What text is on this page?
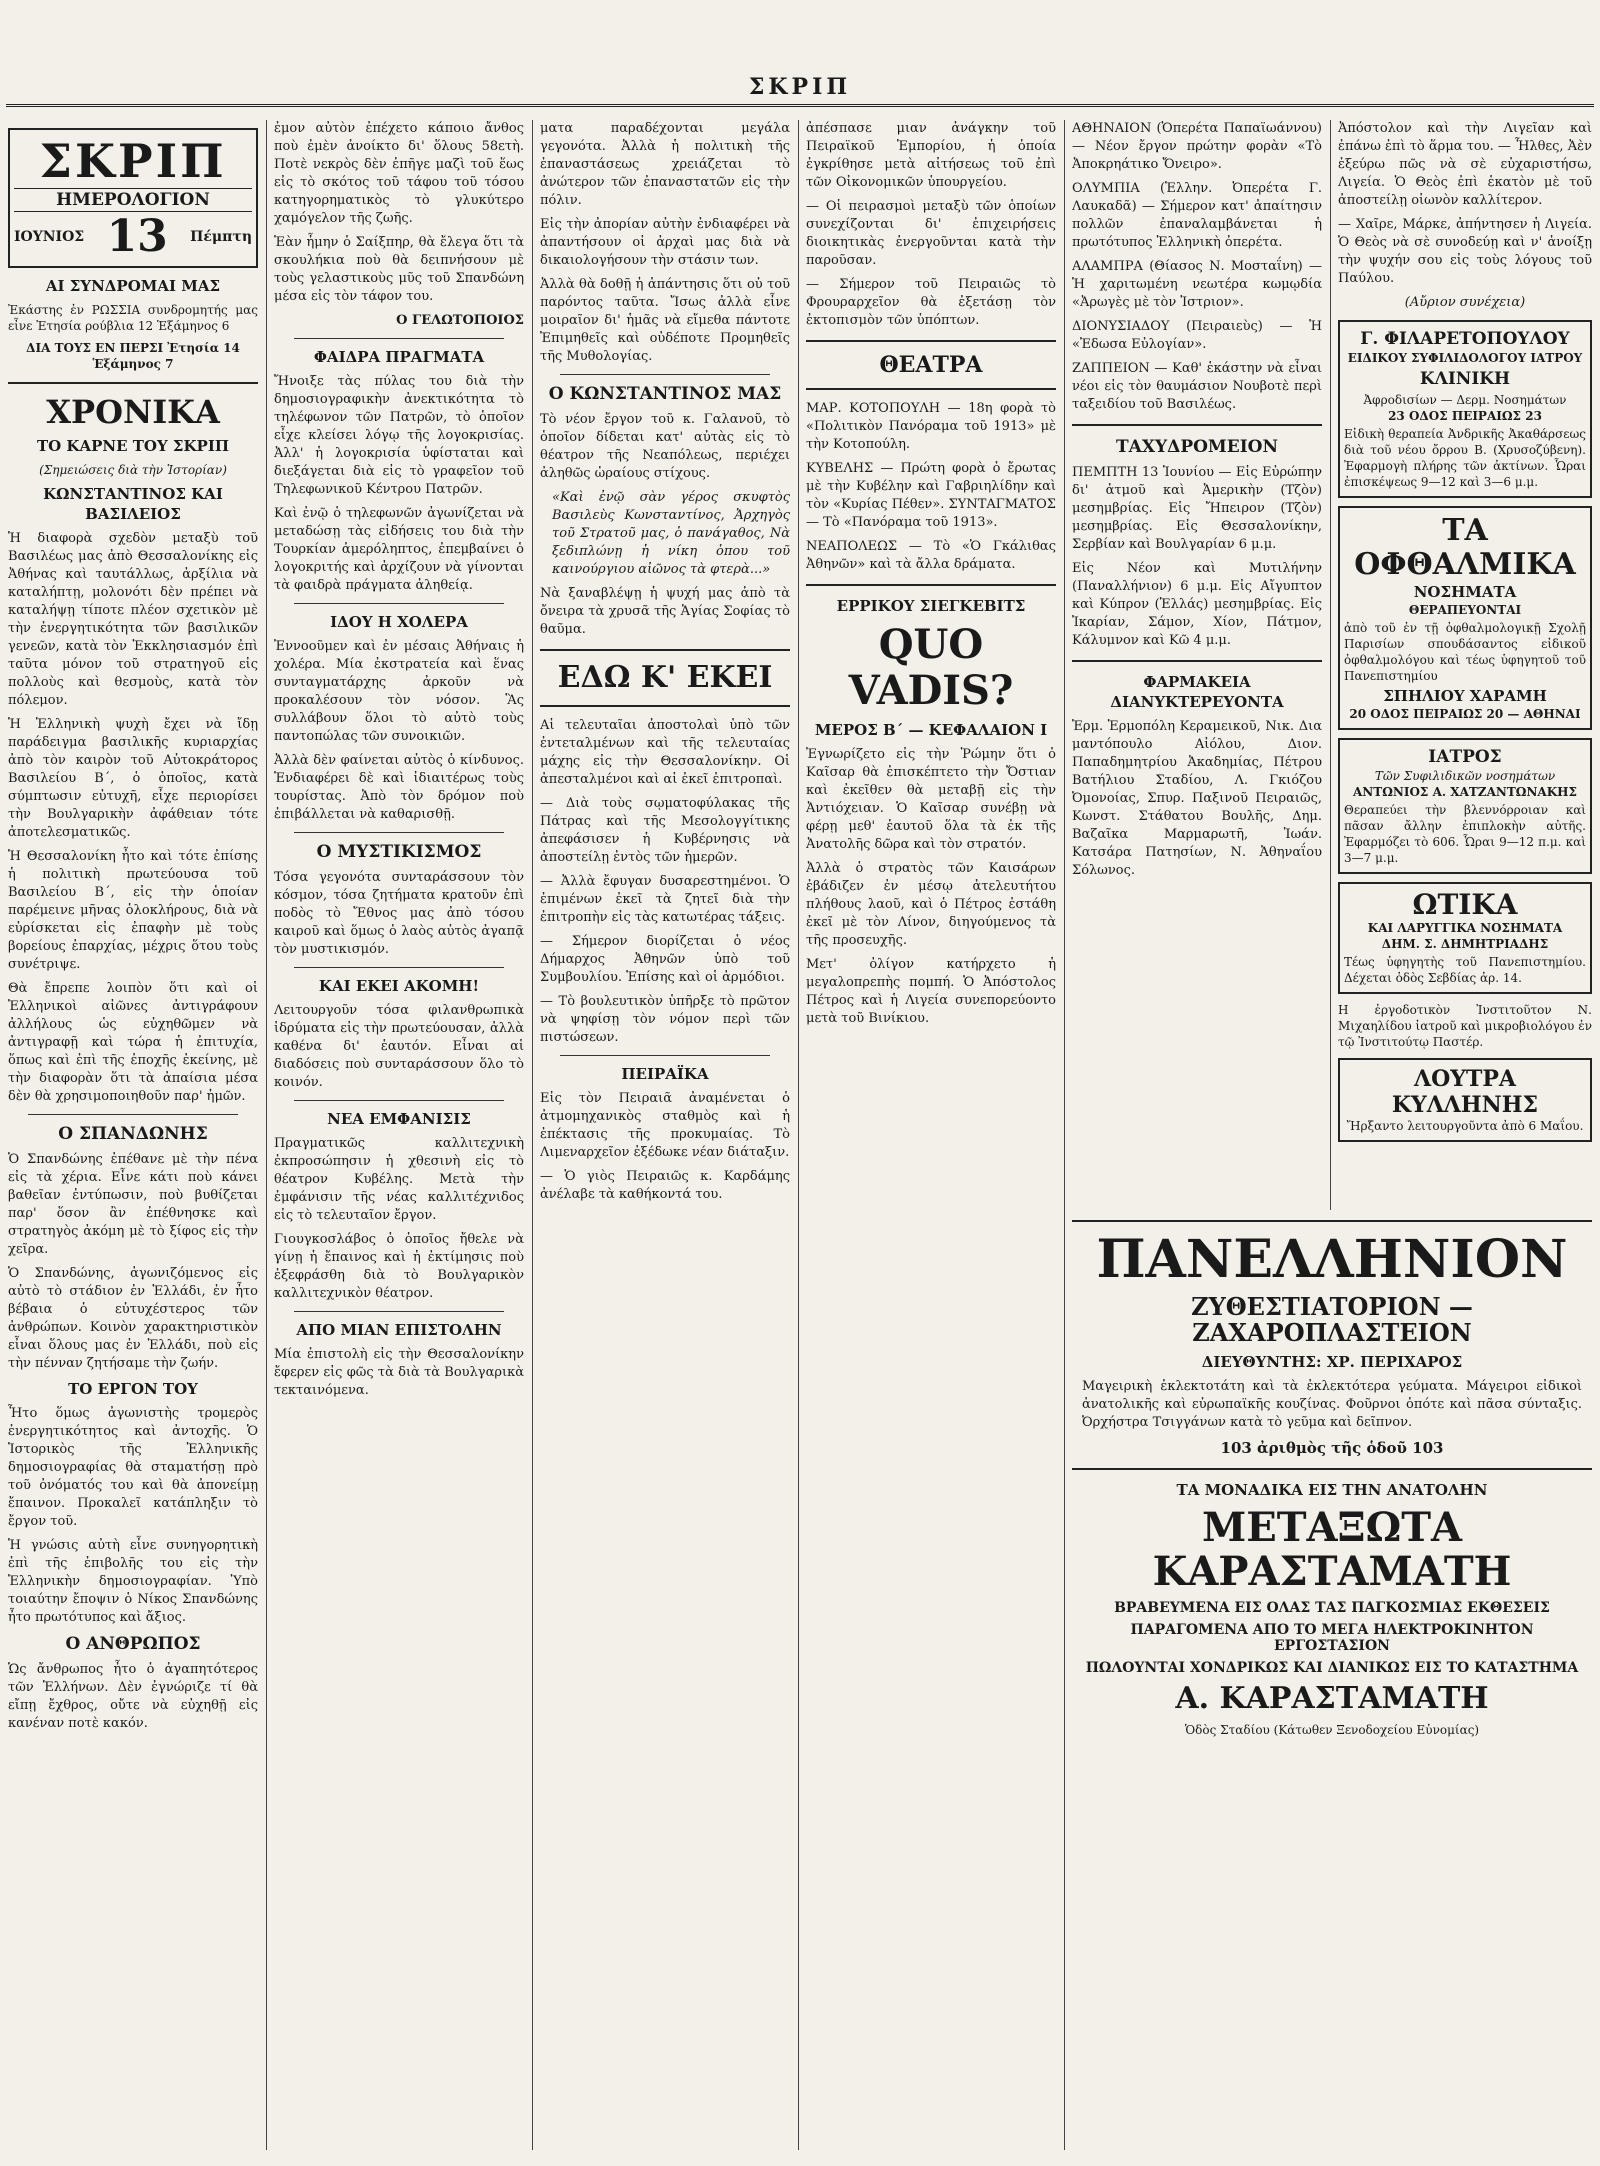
ΣΚΡΙΠ
ΣΚΡΙΠ
ΗΜΕΡΟΛΟΓΙΟΝ
ΙΟΥΝΙΟΣ 13 Πέμπτη
ΑΙ ΣΥΝΔΡΟΜΑΙ ΜΑΣ

Ἐκάστης ἐν ΡΩΣΣΙΑ συνδρομητής μας εἶνε Ἐτησία ρούβλια 12 Ἑξάμηνος 6

ΔΙΑ ΤΟΥΣ ΕΝ ΠΕΡΣΙ Ἐτησία 14 Ἑξάμηνος 7

ΧΡΟΝΙΚΑ
ΤΟ ΚΑΡΝΕ ΤΟΥ ΣΚΡΙΠ
(Σημειώσεις διὰ τὴν Ἱστορίαν)
ΚΩΝΣΤΑΝΤΙΝΟΣ ΚΑΙ ΒΑΣΙΛΕΙΟΣ

Ἡ διαφορὰ σχεδὸν μεταξὺ τοῦ Βασιλέως μας ἀπὸ Θεσσαλονίκης εἰς Ἀθήνας καὶ ταυτάλλως, ἀρξίλια νὰ καταλήπτῃ, μολονότι δὲν πρέπει νὰ καταλήψῃ τίποτε πλέον σχετικὸν μὲ τὴν ἐνεργητικότητα τῶν βασιλικῶν γενεῶν, κατὰ τὸν Ἐκκλησιασμόν ἐπὶ ταῦτα μόνον τοῦ στρατηγοῦ εἰς πολλοὺς καὶ θεσμοὺς, κατὰ τὸν πόλεμον.

Ἡ Ἑλληνικὴ ψυχὴ ἔχει νὰ ἴδῃ παράδειγμα βασιλικῆς κυριαρχίας ἀπὸ τὸν καιρὸν τοῦ Αὐτοκράτορος Βασιλείου Β΄, ὁ ὁποῖος, κατὰ σύμπτωσιν εὐτυχῆ, εἶχε περιορίσει τὴν Βουλγαρικὴν ἀφάθειαν τότε ἀποτελεσματικῶς.

Ἡ Θεσσαλονίκη ἦτο καὶ τότε ἐπίσης ἡ πολιτικὴ πρωτεύουσα τοῦ Βασιλείου Β΄, εἰς τὴν ὁποίαν παρέμεινε μῆνας ὁλοκλήρους, διὰ νὰ εὑρίσκεται εἰς ἐπαφὴν μὲ τοὺς βορείους ἐπαρχίας, μέχρις ὅτου τοὺς συνέτριψε.

Θὰ ἔπρεπε λοιπὸν ὅτι καὶ οἱ Ἑλληνικοὶ αἰῶνες ἀντιγράφουν ἀλλήλους ὡς εὐχηθῶμεν νὰ ἀντιγραφῇ καὶ τώρα ἡ ἐπιτυχία, ὅπως καὶ ἐπὶ τῆς ἐποχῆς ἐκείνης, μὲ τὴν διαφορὰν ὅτι τὰ ἀπαίσια μέσα δὲν θὰ χρησιμοποιηθοῦν παρ' ἡμῶν.

Ο ΣΠΑΝΔΩΝΗΣ

Ὁ Σπανδώνης ἐπέθανε μὲ τὴν πένα εἰς τὰ χέρια. Εἶνε κάτι ποὺ κάνει βαθεῖαν ἐντύπωσιν, ποὺ βυθίζεται παρ' ὅσον ἂν ἐπέθνησκε καὶ στρατηγὸς ἀκόμη μὲ τὸ ξίφος εἰς τὴν χεῖρα.

Ὁ Σπανδώνης, ἀγωνιζόμενος εἰς αὐτὸ τὸ στάδιον ἐν Ἑλλάδι, ἐν ἦτο βέβαια ὁ εὐτυχέστερος τῶν ἀνθρώπων. Κοινὸν χαρακτηριστικὸν εἶναι ὅλους μας ἐν Ἑλλάδι, ποὺ εἰς τὴν πένναν ζητήσαμε τὴν ζωήν.

ΤΟ ΕΡΓΟΝ ΤΟΥ

Ἦτο ὅμως ἀγωνιστὴς τρομερὸς ἐνεργητικότητος καὶ ἀντοχῆς. Ὁ Ἱστορικὸς τῆς Ἑλληνικῆς δημοσιογραφίας θὰ σταματήσῃ πρὸ τοῦ ὀνόματός του καὶ θὰ ἀπονείμῃ ἔπαινον. Προκαλεῖ κατάπληξιν τὸ ἔργον τοῦ.

Ἡ γνώσις αὐτὴ εἶνε συνηγορητικὴ ἐπὶ τῆς ἐπιβολῆς του εἰς τὴν Ἑλληνικὴν δημοσιογραφίαν. Ὑπὸ τοιαύτην ἔποψιν ὁ Νίκος Σπανδώνης ἦτο πρωτότυπος καὶ ἄξιος.

Ο ΑΝΘΡΩΠΟΣ

Ὡς ἄνθρωπος ἦτο ὁ ἀγαπητότερος τῶν Ἑλλήνων. Δὲν ἐγνώριζε τί θὰ εἴπῃ ἔχθρος, οὔτε νὰ εὐχηθῇ εἰς κανέναν ποτὲ κακόν.

ἐμον αὐτὸν ἐπέχετο κάποιο ἄνθος ποὺ ἐμὲν ἀνοίκτο δι' ὅλους 58ετὴ. Ποτὲ νεκρὸς δὲν ἐπῆγε μαζὶ τοῦ ἕως εἰς τὸ σκότος τοῦ τάφου τοῦ τόσου κατηγορηματικὸς τὸ γλυκύτερο χαμόγελον τῆς ζωῆς.

Ἐὰν ἦμην ὁ Σαίξπηρ, θὰ ἔλεγα ὅτι τὰ σκουλήκια ποὺ θὰ δειπνήσουν μὲ τοὺς γελαστικοὺς μῦς τοῦ Σπανδώνη μέσα εἰς τὸν τάφον του.

Ο ΓΕΛΩΤΟΠΟΙΟΣ

ΦΑΙΔΡΑ ΠΡΑΓΜΑΤΑ

Ἤνοιξε τὰς πύλας του διὰ τὴν δημοσιογραφικὴν ἀνεκτικότητα τὸ τηλέφωνον τῶν Πατρῶν, τὸ ὁποῖον εἶχε κλείσει λόγῳ τῆς λογοκρισίας. Ἀλλ' ἡ λογοκρισία ὑφίσταται καὶ διεξάγεται διὰ εἰς τὸ γραφεῖον τοῦ Τηλεφωνικοῦ Κέντρου Πατρῶν.

Καὶ ἐνῷ ὁ τηλεφωνῶν ἀγωνίζεται νὰ μεταδώσῃ τὰς εἰδήσεις του διὰ τὴν Τουρκίαν ἀμερόληπτος, ἐπεμβαίνει ὁ λογοκριτής καὶ ἀρχίζουν νὰ γίνονται τὰ φαιδρὰ πράγματα ἀληθείᾳ.

ΙΔΟΥ Η ΧΟΛΕΡΑ

Ἐννοοῦμεν καὶ ἐν μέσαις Ἀθήναις ἡ χολέρα. Μία ἐκστρατεία καὶ ἕνας συνταγματάρχης ἀρκοῦν νὰ προκαλέσουν τὸν νόσον. Ἃς συλλάβουν ὅλοι τὸ αὐτὸ τοὺς παντοπώλας τῶν συνοικιῶν.

Ἀλλὰ δὲν φαίνεται αὐτὸς ὁ κίνδυνος. Ἐνδιαφέρει δὲ καὶ ἰδιαιτέρως τοὺς τουρίστας. Ἀπὸ τὸν δρόμον ποὺ ἐπιβάλλεται νὰ καθαρισθῇ.

Ο ΜΥΣΤΙΚΙΣΜΟΣ

Τόσα γεγονότα συνταράσσουν τὸν κόσμον, τόσα ζητήματα κρατοῦν ἐπὶ ποδὸς τὸ Ἔθνος μας ἀπὸ τόσου καιροῦ καὶ ὅμως ὁ λαὸς αὐτὸς ἀγαπᾷ τὸν μυστικισμόν.

ΚΑΙ ΕΚΕΙ ΑΚΟΜΗ!

Λειτουργοῦν τόσα φιλανθρωπικὰ ἱδρύματα εἰς τὴν πρωτεύουσαν, ἀλλὰ καθένα δι' ἑαυτόν. Εἶναι αἱ διαδόσεις ποὺ συνταράσσουν ὅλο τὸ κοινόν.

ΝΕΑ ΕΜΦΑΝΙΣΙΣ

Πραγματικῶς καλλιτεχνικὴ ἐκπροσώπησιν ἡ χθεσινὴ εἰς τὸ θέατρον Κυβέλης. Μετὰ τὴν ἐμφάνισιν τῆς νέας καλλιτέχνιδος εἰς τὸ τελευταῖον ἔργον.

Γιουγκοσλάβος ὁ ὁποῖος ἤθελε νὰ γίνῃ ἡ ἔπαινος καὶ ἡ ἐκτίμησις ποὺ ἐξεφράσθη διὰ τὸ Βουλγαρικὸν καλλιτεχνικὸν θέατρον.

ΑΠΟ ΜΙΑΝ ΕΠΙΣΤΟΛΗΝ

Μία ἐπιστολὴ εἰς τὴν Θεσσαλονίκην ἔφερεν εἰς φῶς τὰ διὰ τὰ Βουλγαρικὰ τεκταινόμενα.

ματα παραδέχονται μεγάλα γεγονότα. Ἀλλὰ ἡ πολιτικὴ τῆς ἐπαναστάσεως χρειάζεται τὸ ἀνώτερον τῶν ἐπαναστατῶν εἰς τὴν πόλιν.

Εἰς τὴν ἀπορίαν αὐτὴν ἐνδιαφέρει νὰ ἀπαντήσουν οἱ ἀρχαὶ μας διὰ νὰ δικαιολογήσουν τὴν στάσιν των.

Ἀλλὰ θὰ δοθῇ ἡ ἀπάντησις ὅτι οὐ τοῦ παρόντος ταῦτα. Ἴσως ἀλλὰ εἶνε μοιραῖον δι' ἡμᾶς νὰ εἴμεθα πάντοτε Ἐπιμηθεῖς καὶ οὐδέποτε Προμηθεῖς τῆς Μυθολογίας.

Ο ΚΩΝΣΤΑΝΤΙΝΟΣ ΜΑΣ

Τὸ νέον ἔργον τοῦ κ. Γαλανοῦ, τὸ ὁποῖον δίδεται κατ' αὐτὰς εἰς τὸ θέατρον τῆς Νεαπόλεως, περιέχει ἀληθῶς ὡραίους στίχους.

«Καὶ ἐνῷ σὰν γέρος σκυφτὸς Βασιλεὺς Κωνσταντίνος, Ἀρχηγὸς τοῦ Στρατοῦ μας, ὁ πανάγαθος, Νὰ ξεδιπλώνῃ ἡ νίκη ὁπου τοῦ καινούργιου αἰῶνος τὰ φτερὰ...»

Νὰ ξαναβλέψῃ ἡ ψυχή μας ἀπὸ τὰ ὄνειρα τὰ χρυσᾶ τῆς Ἁγίας Σοφίας τὸ θαῦμα.

ΕΔΩ Κ' ΕΚΕΙ

Αἱ τελευταῖαι ἀποστολαὶ ὑπὸ τῶν ἐντεταλμένων καὶ τῆς τελευταίας μάχης εἰς τὴν Θεσσαλονίκην. Οἱ ἀπεσταλμένοι καὶ αἱ ἐκεῖ ἐπιτροπαὶ.

— Διὰ τοὺς σῳματοφύλακας τῆς Πάτρας καὶ τῆς Μεσολογγίτικης ἀπεφάσισεν ἡ Κυβέρνησις νὰ ἀποστείλῃ ἐντὸς τῶν ἡμερῶν.

— Ἀλλὰ ἔφυγαν δυσαρεστημένοι. Ὁ ἐπιμένων ἐκεῖ τὰ ζητεῖ διὰ τὴν ἐπιτροπὴν εἰς τὰς κατωτέρας τάξεις.

— Σήμερον διορίζεται ὁ νέος Δήμαρχος Ἀθηνῶν ὑπὸ τοῦ Συμβουλίου. Ἐπίσης καὶ οἱ ἀρμόδιοι.

— Τὸ βουλευτικὸν ὑπῆρξε τὸ πρῶτον νὰ ψηφίσῃ τὸν νόμον περὶ τῶν πιστώσεων.

ΠΕΙΡΑΪΚΑ

Εἰς τὸν Πειραιᾶ ἀναμένεται ὁ ἀτμομηχανικὸς σταθμὸς καὶ ἡ ἐπέκτασις τῆς προκυμαίας. Τὸ Λιμεναρχεῖον ἐξέδωκε νέαν διάταξιν.

— Ὁ γιὸς Πειραιῶς κ. Καρδάμης ἀνέλαβε τὰ καθήκοντά του.

ἀπέσπασε μιαν ἀνάγκην τοῦ Πειραϊκοῦ Ἐμπορίου, ἡ ὁποία ἐγκρίθησε μετὰ αἰτήσεως τοῦ ἐπὶ τῶν Οἰκονομικῶν ὑπουργείου.

— Οἱ πειρασμοὶ μεταξὺ τῶν ὁποίων συνεχίζονται δι' ἐπιχειρήσεις διοικητικὰς ἐνεργοῦνται κατὰ τὴν παροῦσαν.

— Σήμερον τοῦ Πειραιῶς τὸ Φρουραρχεῖον θὰ ἐξετάσῃ τὸν ἐκτοπισμὸν τῶν ὑπόπτων.

ΘΕΑΤΡΑ

ΜΑΡ. ΚΟΤΟΠΟΥΛΗ — 18η φορὰ τὸ «Πολιτικὸν Πανόραμα τοῦ 1913» μὲ τὴν Κοτοπούλη.

ΚΥΒΕΛΗΣ — Πρώτη φορὰ ὁ ἔρωτας μὲ τὴν Κυβέλην καὶ Γαβριηλίδην καὶ τὸν «Κυρίας Πέθεν». ΣΥΝΤΑΓΜΑΤΟΣ — Τὸ «Πανόραμα τοῦ 1913».

ΝΕΑΠΟΛΕΩΣ — Τὸ «Ὁ Γκάλιθας Ἀθηνῶν» καὶ τὰ ἄλλα δράματα.

ΕΡΡΙΚΟΥ ΣΙΕΓΚΕΒΙΤΣ
QUO VADIS?
ΜΕΡΟΣ Β΄ — ΚΕΦΑΛΑΙΟΝ Ι

Ἐγνωρίζετο εἰς τὴν Ῥώμην ὅτι ὁ Καῖσαρ θὰ ἐπισκέπτετο τὴν Ὄστιαν καὶ ἐκεῖθεν θὰ μεταβῇ εἰς τὴν Ἀντιόχειαν. Ὁ Καῖσαρ συνέβῃ νὰ φέρῃ μεθ' ἑαυτοῦ ὅλα τὰ ἐκ τῆς Ἀνατολῆς δῶρα καὶ τὸν στρατόν.

Ἀλλὰ ὁ στρατὸς τῶν Καισάρων ἐβάδιζεν ἐν μέσῳ ἀτελευτήτου πλήθους λαοῦ, καὶ ὁ Πέτρος ἐστάθη ἐκεῖ μὲ τὸν Λίνον, διηγούμενος τὰ τῆς προσευχῆς.

Μετ' ὀλίγον κατήρχετο ἡ μεγαλοπρεπὴς πομπή. Ὁ Ἀπόστολος Πέτρος καὶ ἡ Λιγεία συνεπορεύοντο μετὰ τοῦ Βινίκιου.

ΑΘΗΝΑΙΟΝ (Ὁπερέτα Παπαϊωάννου) — Νέον ἔργον πρώτην φορὰν «Τὸ Ἀποκρηάτικο Ὄνειρο».

ΟΛΥΜΠΙΑ (Ἑλλην. Ὀπερέτα Γ. Λαυκαδᾶ) — Σήμερον κατ' ἀπαίτησιν πολλῶν ἐπαναλαμβάνεται ἡ πρωτότυπος Ἑλληνικὴ ὀπερέτα.

ΑΛΑΜΠΡΑ (Θίασος Ν. Μοσταΐνη) — Ἡ χαριτωμένη νεωτέρα κωμῳδία «Ἀρωγὲς μὲ τὸν Ἰστριον».

ΔΙΟΝΥΣΙΑΔΟΥ (Πειραιεὺς) — Ἡ «Ἐδωσα Εὐλογίαν».

ΖΑΠΠΕΙΟΝ — Καθ' ἑκάστην νὰ εἶναι νέοι εἰς τὸν θαυμάσιον Νουβοτὲ περὶ ταξειδίου τοῦ Βασιλέως.

ΤΑΧΥΔΡΟΜΕΙΟΝ

ΠΕΜΠΤΗ 13 Ἰουνίου — Εἰς Εὐρώπην δι' ἀτμοῦ καὶ Ἀμερικὴν (Τζὸν) μεσημβρίας. Εἰς Ἤπειρον (Τζὸν) μεσημβρίας. Εἰς Θεσσαλονίκην, Σερβίαν καὶ Βουλγαρίαν 6 μ.μ.

Εἰς Νέον καὶ Μυτιλήνην (Παναλλήνιον) 6 μ.μ. Εἰς Αἴγυπτον καὶ Κύπρον (Ἑλλάς) μεσημβρίας. Εἰς Ἰκαρίαν, Σάμον, Χίον, Πάτμον, Κάλυμνον καὶ Κῶ 4 μ.μ.

ΦΑΡΜΑΚΕΙΑ ΔΙΑΝΥΚΤΕΡΕΥΟΝΤΑ

Ἑρμ. Ἑρμοπόλη Κεραμεικοῦ, Νικ. Δια μαντόπουλο Αἰόλου, Διον. Παπαδημητρίου Ἀκαδημίας, Πέτρου Βατήλιου Σταδίου, Λ. Γκιόζου Ὀμονοίας, Σπυρ. Παξινοῦ Πειραιῶς, Κωνστ. Στάθατου Βουλῆς, Δημ. Βαζαῖκα Μαρμαρωτῆ, Ἰωάν. Κατσάρα Πατησίων, Ν. Ἀθηναΐου Σόλωνος.

Ἀπόστολον καὶ τὴν Λιγεῖαν καὶ ἐπάνω ἐπὶ τὸ ἅρμα του. — Ἦλθες, Ἀὲν ἐξεύρω πῶς νὰ σὲ εὐχαριστήσω, Λιγεία. Ὁ Θεὸς ἐπὶ ἑκατὸν μὲ τοῦ ἀποστείλῃ οἰωνὸν καλλίτερον.

— Χαῖρε, Μάρκε, ἀπήντησεν ἡ Λιγεία. Ὁ Θεὸς νὰ σὲ συνοδεύῃ καὶ ν' ἀνοίξῃ τὴν ψυχήν σου εἰς τοὺς λόγους τοῦ Παύλου.

(Αὔριον συνέχεια)

Γ. ΦΙΛΑΡΕΤΟΠΟΥΛΟΥ
ΕΙΔΙΚΟΥ ΣΥΦΙΛΙΔΟΛΟΓΟΥ ΙΑΤΡΟΥ
ΚΛΙΝΙΚΗ
Ἀφροδισίων — Δερμ. Νοσημάτων
23 ΟΔΟΣ ΠΕΙΡΑΙΩΣ 23

Εἰδικὴ θεραπεία Ἀνδρικῆς Ἀκαθάρσεως διὰ τοῦ νέου ὄρρου Β. (Χρυσοζύβενη). Ἐφαρμογὴ πλήρης τῶν ἀκτίνων. Ὧραι ἐπισκέψεως 9—12 καὶ 3—6 μ.μ.

ΤΑ ΟΦΘΑΛΜΙΚΑ
ΝΟΣΗΜΑΤΑ
ΘΕΡΑΠΕΥΟΝΤΑΙ

ἀπὸ τοῦ ἐν τῇ ὀφθαλμολογικῇ Σχολῇ Παρισίων σπουδάσαντος εἰδικοῦ ὀφθαλμολόγου καὶ τέως ὑφηγητοῦ τοῦ Πανεπιστημίου

ΣΠΗΛΙΟΥ ΧΑΡΑΜΗ
20 ΟΔΟΣ ΠΕΙΡΑΙΩΣ 20 — ΑΘΗΝΑΙ
ΙΑΤΡΟΣ
Τῶν Συφιλιδικῶν νοσημάτων
ΑΝΤΩΝΙΟΣ Α. ΧΑΤΖΑΝΤΩΝΑΚΗΣ

Θεραπεύει τὴν βλεννόρροιαν καὶ πᾶσαν ἄλλην ἐπιπλοκὴν αὐτῆς. Ἐφαρμόζει τὸ 606. Ὧραι 9—12 π.μ. καὶ 3—7 μ.μ.

ΩΤΙΚΑ
ΚΑΙ ΛΑΡΥΓΓΙΚΑ ΝΟΣΗΜΑΤΑ
ΔΗΜ. Σ. ΔΗΜΗΤΡΙΑΔΗΣ

Τέως ὑφηγητὴς τοῦ Πανεπιστημίου. Δέχεται ὁδὸς Σεβδίας ἀρ. 14.

Η ἐργοδοτικὸν Ἰνστιτοῦτον Ν. Μιχαηλίδου ἰατροῦ καὶ μικροβιολόγου ἐν τῷ Ἰνστιτούτῳ Παστέρ.

ΛΟΥΤΡΑ ΚΥΛΛΗΝΗΣ
Ἤρξαντο λειτουργοῦντα ἀπὸ 6 Μαΐου.
ΠΑΝΕΛΛΗΝΙΟΝ
ΖΥΘΕΣΤΙΑΤΟΡΙΟΝ — ΖΑΧΑΡΟΠΛΑΣΤΕΙΟΝ
ΔΙΕΥΘΥΝΤΗΣ: ΧΡ. ΠΕΡΙΧΑΡΟΣ

Μαγειρικὴ ἐκλεκτοτάτη καὶ τὰ ἐκλεκτότερα γεύματα. Μάγειροι εἰδικοὶ ἀνατολικῆς καὶ εὐρωπαϊκῆς κουζίνας. Φοῦρνοι ὁπότε καὶ πᾶσα σύνταξις. Ὀρχήστρα Τσιγγάνων κατὰ τὸ γεῦμα καὶ δεῖπνον.

103 ἀριθμὸς τῆς ὁδοῦ 103
ΤΑ ΜΟΝΑΔΙΚΑ ΕΙΣ ΤΗΝ ΑΝΑΤΟΛΗΝ
ΜΕΤΑΞΩΤΑ ΚΑΡΑΣΤΑΜΑΤΗ
ΒΡΑΒΕΥΜΕΝΑ ΕΙΣ ΟΛΑΣ ΤΑΣ ΠΑΓΚΟΣΜΙΑΣ ΕΚΘΕΣΕΙΣ
ΠΑΡΑΓΟΜΕΝΑ ΑΠΟ ΤΟ ΜΕΓΑ ΗΛΕΚΤΡΟΚΙΝΗΤΟΝ ΕΡΓΟΣΤΑΣΙΟΝ
ΠΩΛΟΥΝΤΑΙ ΧΟΝΔΡΙΚΩΣ ΚΑΙ ΔΙΑΝΙΚΩΣ ΕΙΣ ΤΟ ΚΑΤΑΣΤΗΜΑ
Α. ΚΑΡΑΣΤΑΜΑΤΗ
Ὁδὸς Σταδίου (Κάτωθεν Ξενοδοχείου Εὐνομίας)
